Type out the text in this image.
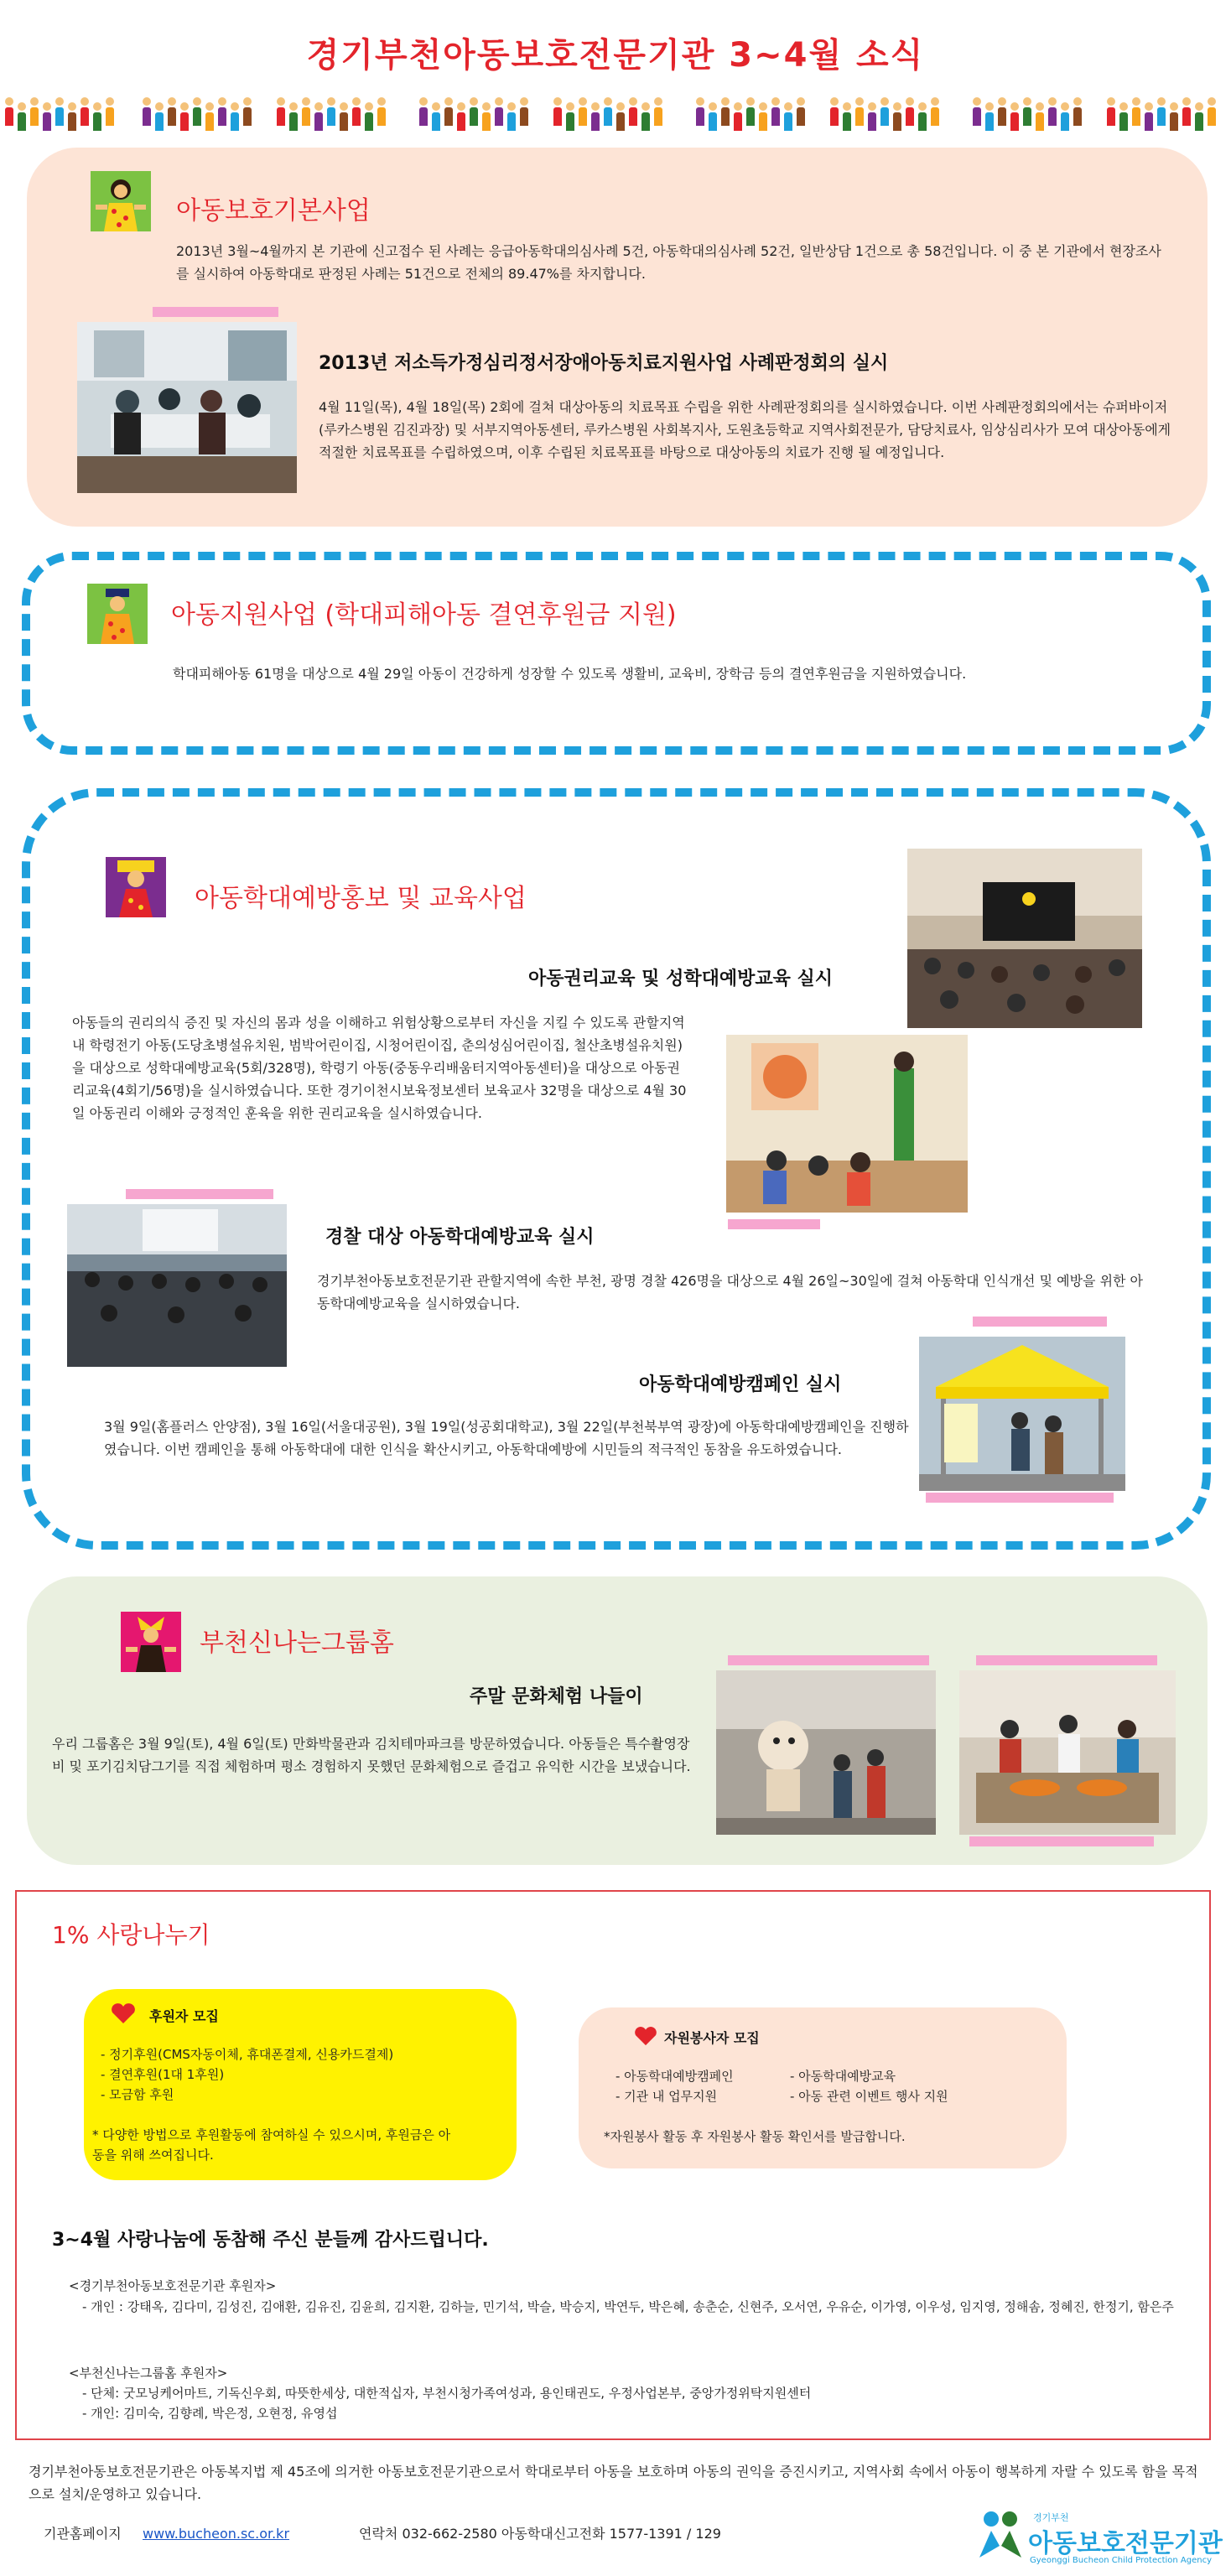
경기부천아동보호전문기관 3~4월 소식
아동보호기본사업
2013년 3월~4월까지 본 기관에 신고접수 된 사례는 응급아동학대의심사례 5건, 아동학대의심사례 52건, 일반상담 1건으로 총 58건입니다. 이 중 본 기관에서 현장조사를 실시하여 아동학대로 판정된 사례는 51건으로 전체의 89.47%를 차지합니다.
2013년 저소득가정심리정서장애아동치료지원사업 사례판정회의 실시
4월 11일(목), 4월 18일(목) 2회에 걸쳐 대상아동의 치료목표 수립을 위한 사례판정회의를 실시하였습니다. 이번 사례판정회의에서는 슈퍼바이저(루카스병원 김진과장) 및 서부지역아동센터, 루카스병원 사회복지사, 도원초등학교 지역사회전문가, 담당치료사, 임상심리사가 모여 대상아동에게 적절한 치료목표를 수립하였으며, 이후 수립된 치료목표를 바탕으로 대상아동의 치료가 진행 될 예정입니다.
아동지원사업 (학대피해아동 결연후원금 지원)
학대피해아동 61명을 대상으로 4월 29일 아동이 건강하게 성장할 수 있도록 생활비, 교육비, 장학금 등의 결연후원금을 지원하였습니다.
아동학대예방홍보 및 교육사업
아동권리교육 및 성학대예방교육 실시
아동들의 권리의식 증진 및 자신의 몸과 성을 이해하고 위험상황으로부터 자신을 지킬 수 있도록 관할지역 내 학령전기 아동(도당초병설유치원, 범박어린이집, 시청어린이집, 춘의성심어린이집, 철산초병설유치원)을 대상으로 성학대예방교육(5회/328명), 학령기 아동(중동우리배움터지역아동센터)을 대상으로 아동권리교육(4회기/56명)을 실시하였습니다. 또한 경기이천시보육정보센터 보육교사 32명을 대상으로 4월 30일 아동권리 이해와 긍정적인 훈육을 위한 권리교육을 실시하였습니다.
경찰 대상 아동학대예방교육 실시
경기부천아동보호전문기관 관할지역에 속한 부천, 광명 경찰 426명을 대상으로 4월 26일~30일에 걸쳐 아동학대 인식개선 및 예방을 위한 아동학대예방교육을 실시하였습니다.
아동학대예방캠페인 실시
3월 9일(홈플러스 안양점), 3월 16일(서울대공원), 3월 19일(성공회대학교), 3월 22일(부천북부역 광장)에 아동학대예방캠페인을 진행하였습니다. 이번 캠페인을 통해 아동학대에 대한 인식을 확산시키고, 아동학대예방에 시민들의 적극적인 동참을 유도하였습니다.
부천신나는그룹홈
주말 문화체험 나들이
우리 그룹홈은 3월 9일(토), 4월 6일(토) 만화박물관과 김치테마파크를 방문하였습니다. 아동들은 특수촬영장비 및 포기김치담그기를 직접 체험하며 평소 경험하지 못했던 문화체험으로 즐겁고 유익한 시간을 보냈습니다.
1% 사랑나누기
후원자 모집
- 정기후원(CMS자동이체, 휴대폰결제, 신용카드결제)
- 결연후원(1대 1후원)
- 모금함 후원
* 다양한 방법으로 후원활동에 참여하실 수 있으시며, 후원금은 아동을 위해 쓰여집니다.
자원봉사자 모집
- 아동학대예방캠페인
- 기관 내 업무지원
- 아동학대예방교육
- 아동 관련 이벤트 행사 지원
*자원봉사 활동 후 자원봉사 활동 확인서를 발급합니다.
3~4월 사랑나눔에 동참해 주신 분들께 감사드립니다.
<경기부천아동보호전문기관 후원자>
- 개인 : 강태옥, 김다미, 김성진, 김애환, 김유진, 김윤희, 김지환, 김하늘, 민기석, 박슬, 박승지, 박연두, 박은혜, 송춘순, 신현주, 오서연, 우유순, 이가영, 이우성, 임지영, 정해솜, 정혜진, 한정기, 함은주
<부천신나는그룹홈 후원자>
- 단체: 굿모닝케어마트, 기독신우회, 따뜻한세상, 대한적십자, 부천시청가족여성과, 용인태권도, 우정사업본부, 중앙가정위탁지원센터
- 개인: 김미숙, 김향례, 박은정, 오현정, 유영섭
경기부천아동보호전문기관은 아동복지법 제 45조에 의거한 아동보호전문기관으로서 학대로부터 아동을 보호하며 아동의 권익을 증진시키고, 지역사회 속에서 아동이 행복하게 자랄 수 있도록 함을 목적으로 설치/운영하고 있습니다.
기관홈페이지 www.bucheon.sc.or.kr	연락처 032-662-2580 아동학대신고전화 1577-1391 / 129
경기부천
아동보호전문기관
Gyeonggi Bucheon Child Protection Agency
